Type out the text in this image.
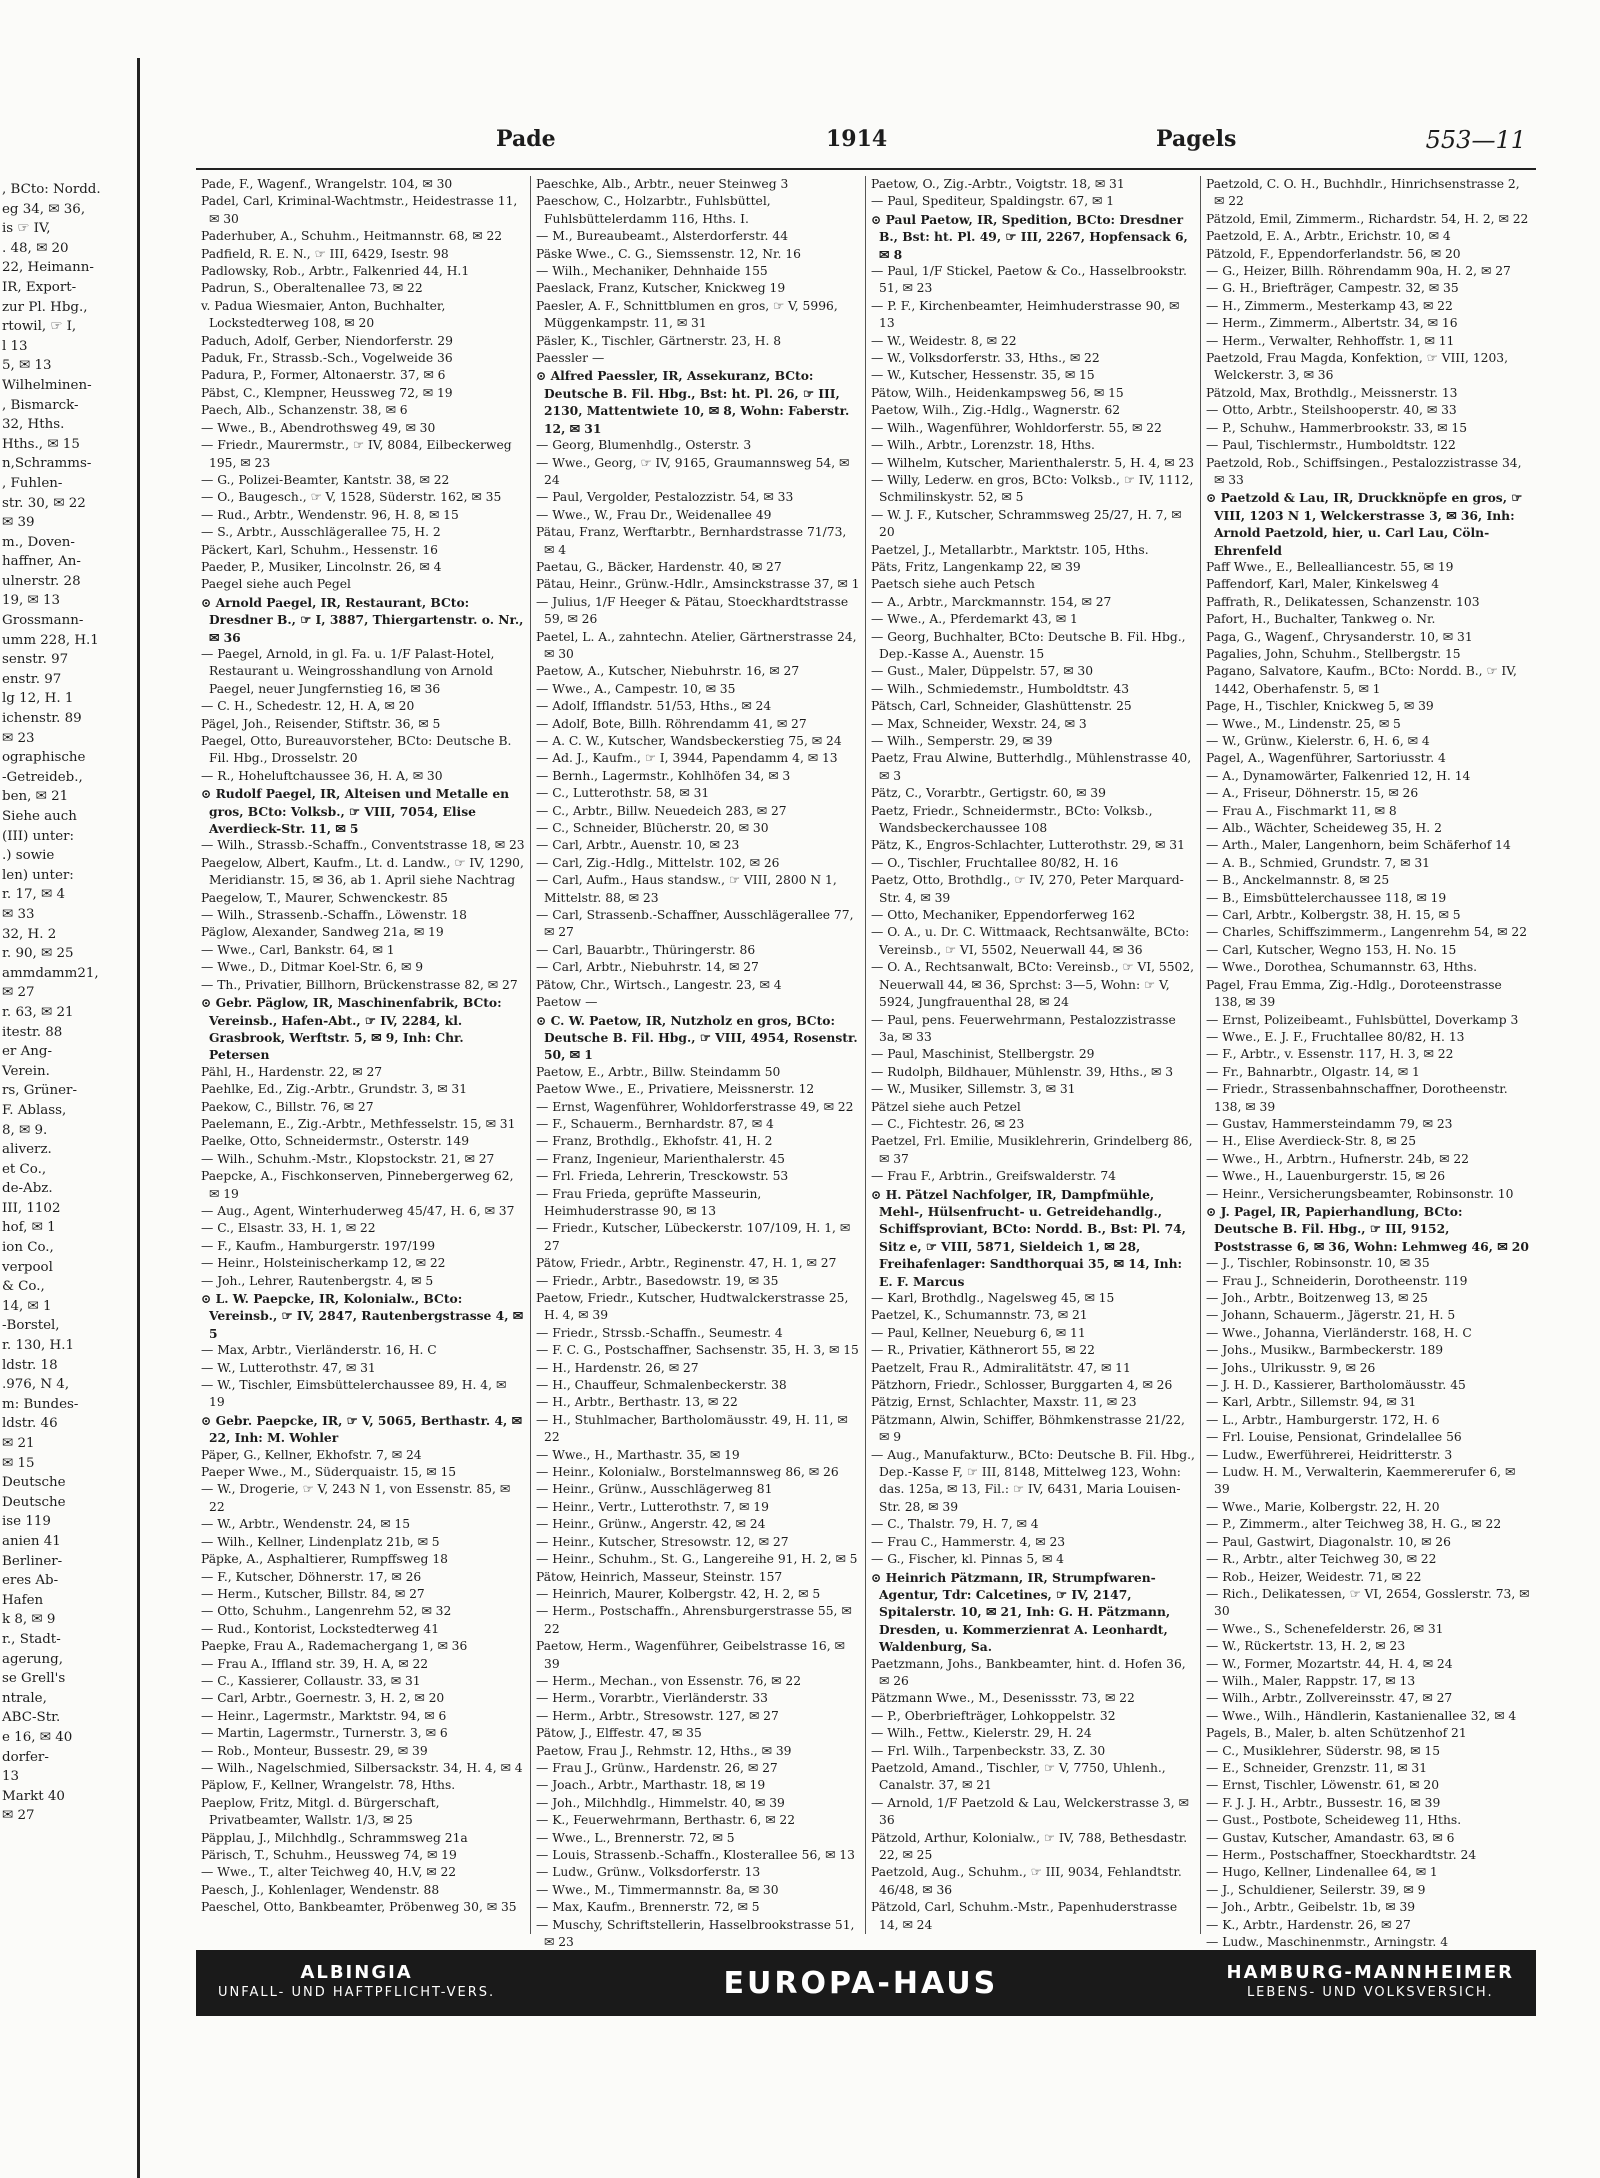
, BCto: Nordd.
eg 34, ✉ 36,
is ☞ IV,
. 48, ✉ 20
22, Heimann-
IR, Export-
zur Pl. Hbg.,
rtowil, ☞ I,
l 13
5, ✉ 13
Wilhelminen-
, Bismarck-
32, Hths.
Hths., ✉ 15
n,Schramms-
, Fuhlen-
str. 30, ✉ 22
✉ 39
m., Doven-
haffner, An-
ulnerstr. 28
19, ✉ 13
Grossmann-
umm 228, H.1
senstr. 97
enstr. 97
lg 12, H. 1
ichenstr. 89
✉ 23
ographische
-Getreideb.,
ben, ✉ 21
Siehe auch
(III) unter:
.) sowie
len) unter:
r. 17, ✉ 4
✉ 33
32, H. 2
r. 90, ✉ 25
ammdamm21,
✉ 27
r. 63, ✉ 21
itestr. 88
er Ang-
Verein.
rs, Grüner-
F. Ablass,
8, ✉ 9.
aliverz.
et Co.,
de-Abz.
III, 1102
hof, ✉ 1
ion Co.,
verpool
& Co.,
14, ✉ 1
-Borstel,
r. 130, H.1
ldstr. 18
.976, N 4,
m: Bundes-
ldstr. 46
✉ 21
✉ 15
Deutsche
Deutsche
ise 119
anien 41
Berliner-
eres Ab-
Hafen
k 8, ✉ 9
r., Stadt-
agerung,
se Grell's
ntrale,
ABC-Str.
e 16, ✉ 40
dorfer-
13
Markt 40
✉ 27
Pade	1914	Pagels	553—11

Pade, F., Wagenf., Wrangelstr. 104, ✉ 30

Padel, Carl, Kriminal-Wachtmstr., Heidestrasse 11, ✉ 30

Paderhuber, A., Schuhm., Heitmannstr. 68, ✉ 22

Padfield, R. E. N., ☞ III, 6429, Isestr. 98

Padlowsky, Rob., Arbtr., Falkenried 44, H.1

Padrun, S., Oberaltenallee 73, ✉ 22

v. Padua Wiesmaier, Anton, Buchhalter, Lockstedterweg 108, ✉ 20

Paduch, Adolf, Gerber, Niendorferstr. 29

Paduk, Fr., Strassb.-Sch., Vogelweide 36

Padura, P., Former, Altonaerstr. 37, ✉ 6

Päbst, C., Klempner, Heussweg 72, ✉ 19

Paech, Alb., Schanzenstr. 38, ✉ 6

— Wwe., B., Abendrothsweg 49, ✉ 30

— Friedr., Maurermstr., ☞ IV, 8084, Eilbeckerweg 195, ✉ 23

— G., Polizei-Beamter, Kantstr. 38, ✉ 22

— O., Baugesch., ☞ V, 1528, Süderstr. 162, ✉ 35

— Rud., Arbtr., Wendenstr. 96, H. 8, ✉ 15

— S., Arbtr., Ausschlägerallee 75, H. 2

Päckert, Karl, Schuhm., Hessenstr. 16

Paeder, P., Musiker, Lincolnstr. 26, ✉ 4

Paegel siehe auch Pegel

⊙ Arnold Paegel, IR, Restaurant, BCto: Dresdner B., ☞ I, 3887, Thiergartenstr. o. Nr., ✉ 36

— Paegel, Arnold, in gl. Fa. u. 1/F Palast-Hotel, Restaurant u. Weingrosshandlung von Arnold Paegel, neuer Jungfernstieg 16, ✉ 36

— C. H., Schedestr. 12, H. A, ✉ 20

Pägel, Joh., Reisender, Stiftstr. 36, ✉ 5

Paegel, Otto, Bureauvorsteher, BCto: Deutsche B. Fil. Hbg., Drosselstr. 20

— R., Hoheluftchaussee 36, H. A, ✉ 30

⊙ Rudolf Paegel, IR, Alteisen und Metalle en gros, BCto: Volksb., ☞ VIII, 7054, Elise Averdieck-Str. 11, ✉ 5

— Wilh., Strassb.-Schaffn., Conventstrasse 18, ✉ 23

Paegelow, Albert, Kaufm., Lt. d. Landw., ☞ IV, 1290, Meridianstr. 15, ✉ 36, ab 1. April siehe Nachtrag

Paegelow, T., Maurer, Schwenckestr. 85

— Wilh., Strassenb.-Schaffn., Löwenstr. 18

Päglow, Alexander, Sandweg 21a, ✉ 19

— Wwe., Carl, Bankstr. 64, ✉ 1

— Wwe., D., Ditmar Koel-Str. 6, ✉ 9

— Th., Privatier, Billhorn, Brückenstrasse 82, ✉ 27

⊙ Gebr. Päglow, IR, Maschinenfabrik, BCto: Vereinsb., Hafen-Abt., ☞ IV, 2284, kl. Grasbrook, Werftstr. 5, ✉ 9, Inh: Chr. Petersen

Pähl, H., Hardenstr. 22, ✉ 27

Paehlke, Ed., Zig.-Arbtr., Grundstr. 3, ✉ 31

Paekow, C., Billstr. 76, ✉ 27

Paelemann, E., Zig.-Arbtr., Methfesselstr. 15, ✉ 31

Paelke, Otto, Schneidermstr., Osterstr. 149

— Wilh., Schuhm.-Mstr., Klopstockstr. 21, ✉ 27

Paepcke, A., Fischkonserven, Pinnebergerweg 62, ✉ 19

— Aug., Agent, Winterhuderweg 45/47, H. 6, ✉ 37

— C., Elsastr. 33, H. 1, ✉ 22

— F., Kaufm., Hamburgerstr. 197/199

— Heinr., Holsteinischerkamp 12, ✉ 22

— Joh., Lehrer, Rautenbergstr. 4, ✉ 5

⊙ L. W. Paepcke, IR, Kolonialw., BCto: Vereinsb., ☞ IV, 2847, Rautenbergstrasse 4, ✉ 5

— Max, Arbtr., Vierländerstr. 16, H. C

— W., Lutterothstr. 47, ✉ 31

— W., Tischler, Eimsbüttelerchaussee 89, H. 4, ✉ 19

⊙ Gebr. Paepcke, IR, ☞ V, 5065, Berthastr. 4, ✉ 22, Inh: M. Wohler

Päper, G., Kellner, Ekhofstr. 7, ✉ 24

Paeper Wwe., M., Süderquaistr. 15, ✉ 15

— W., Drogerie, ☞ V, 243 N 1, von Essenstr. 85, ✉ 22

— W., Arbtr., Wendenstr. 24, ✉ 15

— Wilh., Kellner, Lindenplatz 21b, ✉ 5

Päpke, A., Asphaltierer, Rumpffsweg 18

— F., Kutscher, Döhnerstr. 17, ✉ 26

— Herm., Kutscher, Billstr. 84, ✉ 27

— Otto, Schuhm., Langenrehm 52, ✉ 32

— Rud., Kontorist, Lockstedterweg 41

Paepke, Frau A., Rademachergang 1, ✉ 36

— Frau A., Iffland str. 39, H. A, ✉ 22

— C., Kassierer, Collaustr. 33, ✉ 31

— Carl, Arbtr., Goernestr. 3, H. 2, ✉ 20

— Heinr., Lagermstr., Marktstr. 94, ✉ 6

— Martin, Lagermstr., Turnerstr. 3, ✉ 6

— Rob., Monteur, Bussestr. 29, ✉ 39

— Wilh., Nagelschmied, Silbersackstr. 34, H. 4, ✉ 4

Päplow, F., Kellner, Wrangelstr. 78, Hths.

Paeplow, Fritz, Mitgl. d. Bürgerschaft, Privatbeamter, Wallstr. 1/3, ✉ 25

Päpplau, J., Milchhdlg., Schrammsweg 21a

Pärisch, T., Schuhm., Heussweg 74, ✉ 19

— Wwe., T., alter Teichweg 40, H.V, ✉ 22

Paesch, J., Kohlenlager, Wendenstr. 88

Paeschel, Otto, Bankbeamter, Pröbenweg 30, ✉ 35

Paeschke, Alb., Arbtr., neuer Steinweg 3

Paeschow, C., Holzarbtr., Fuhlsbüttel, Fuhlsbüttelerdamm 116, Hths. I.

— M., Bureaubeamt., Alsterdorferstr. 44

Päske Wwe., C. G., Siemssenstr. 12, Nr. 16

— Wilh., Mechaniker, Dehnhaide 155

Paeslack, Franz, Kutscher, Knickweg 19

Paesler, A. F., Schnittblumen en gros, ☞ V, 5996, Müggenkampstr. 11, ✉ 31

Päsler, K., Tischler, Gärtnerstr. 23, H. 8

Paessler —

⊙ Alfred Paessler, IR, Assekuranz, BCto: Deutsche B. Fil. Hbg., Bst: ht. Pl. 26, ☞ III, 2130, Mattentwiete 10, ✉ 8, Wohn: Faberstr. 12, ✉ 31

— Georg, Blumenhdlg., Osterstr. 3

— Wwe., Georg, ☞ IV, 9165, Graumannsweg 54, ✉ 24

— Paul, Vergolder, Pestalozzistr. 54, ✉ 33

— Wwe., W., Frau Dr., Weidenallee 49

Pätau, Franz, Werftarbtr., Bernhardstrasse 71/73, ✉ 4

Paetau, G., Bäcker, Hardenstr. 40, ✉ 27

Pätau, Heinr., Grünw.-Hdlr., Amsinckstrasse 37, ✉ 1

— Julius, 1/F Heeger & Pätau, Stoeckhardtstrasse 59, ✉ 26

Paetel, L. A., zahntechn. Atelier, Gärtnerstrasse 24, ✉ 30

Paetow, A., Kutscher, Niebuhrstr. 16, ✉ 27

— Wwe., A., Campestr. 10, ✉ 35

— Adolf, Ifflandstr. 51/53, Hths., ✉ 24

— Adolf, Bote, Billh. Röhrendamm 41, ✉ 27

— A. C. W., Kutscher, Wandsbeckerstieg 75, ✉ 24

— Ad. J., Kaufm., ☞ I, 3944, Papendamm 4, ✉ 13

— Bernh., Lagermstr., Kohlhöfen 34, ✉ 3

— C., Lutterothstr. 58, ✉ 31

— C., Arbtr., Billw. Neuedeich 283, ✉ 27

— C., Schneider, Blücherstr. 20, ✉ 30

— Carl, Arbtr., Auenstr. 10, ✉ 23

— Carl, Zig.-Hdlg., Mittelstr. 102, ✉ 26

— Carl, Aufm., Haus standsw., ☞ VIII, 2800 N 1, Mittelstr. 88, ✉ 23

— Carl, Strassenb.-Schaffner, Ausschlägerallee 77, ✉ 27

— Carl, Bauarbtr., Thüringerstr. 86

— Carl, Arbtr., Niebuhrstr. 14, ✉ 27

Pätow, Chr., Wirtsch., Langestr. 23, ✉ 4

Paetow —

⊙ C. W. Paetow, IR, Nutzholz en gros, BCto: Deutsche B. Fil. Hbg., ☞ VIII, 4954, Rosenstr. 50, ✉ 1

Paetow, E., Arbtr., Billw. Steindamm 50

Paetow Wwe., E., Privatiere, Meissnerstr. 12

— Ernst, Wagenführer, Wohldorferstrasse 49, ✉ 22

— F., Schauerm., Bernhardstr. 87, ✉ 4

— Franz, Brothdlg., Ekhofstr. 41, H. 2

— Franz, Ingenieur, Marienthalerstr. 45

— Frl. Frieda, Lehrerin, Tresckowstr. 53

— Frau Frieda, geprüfte Masseurin, Heimhuderstrasse 90, ✉ 13

— Friedr., Kutscher, Lübeckerstr. 107/109, H. 1, ✉ 27

Pätow, Friedr., Arbtr., Reginenstr. 47, H. 1, ✉ 27

— Friedr., Arbtr., Basedowstr. 19, ✉ 35

Paetow, Friedr., Kutscher, Hudtwalckerstrasse 25, H. 4, ✉ 39

— Friedr., Strssb.-Schaffn., Seumestr. 4

— F. C. G., Postschaffner, Sachsenstr. 35, H. 3, ✉ 15

— H., Hardenstr. 26, ✉ 27

— H., Chauffeur, Schmalenbeckerstr. 38

— H., Arbtr., Berthastr. 13, ✉ 22

— H., Stuhlmacher, Bartholomäusstr. 49, H. 11, ✉ 22

— Wwe., H., Marthastr. 35, ✉ 19

— Heinr., Kolonialw., Borstelmannsweg 86, ✉ 26

— Heinr., Grünw., Ausschlägerweg 81

— Heinr., Vertr., Lutterothstr. 7, ✉ 19

— Heinr., Grünw., Angerstr. 42, ✉ 24

— Heinr., Kutscher, Stresowstr. 12, ✉ 27

— Heinr., Schuhm., St. G., Langereihe 91, H. 2, ✉ 5

Pätow, Heinrich, Masseur, Steinstr. 157

— Heinrich, Maurer, Kolbergstr. 42, H. 2, ✉ 5

— Herm., Postschaffn., Ahrensburgerstrasse 55, ✉ 22

Paetow, Herm., Wagenführer, Geibelstrasse 16, ✉ 39

— Herm., Mechan., von Essenstr. 76, ✉ 22

— Herm., Vorarbtr., Vierländerstr. 33

— Herm., Arbtr., Stresowstr. 127, ✉ 27

Pätow, J., Elffestr. 47, ✉ 35

Paetow, Frau J., Rehmstr. 12, Hths., ✉ 39

— Frau J., Grünw., Hardenstr. 26, ✉ 27

— Joach., Arbtr., Marthastr. 18, ✉ 19

— Joh., Milchhdlg., Himmelstr. 40, ✉ 39

— K., Feuerwehrmann, Berthastr. 6, ✉ 22

— Wwe., L., Brennerstr. 72, ✉ 5

— Louis, Strassenb.-Schaffn., Klosterallee 56, ✉ 13

— Ludw., Grünw., Volksdorferstr. 13

— Wwe., M., Timmermannstr. 8a, ✉ 30

— Max, Kaufm., Brennerstr. 72, ✉ 5

— Muschy, Schriftstellerin, Hasselbrookstrasse 51, ✉ 23

Paetow, O., Zig.-Arbtr., Voigtstr. 18, ✉ 31

— Paul, Spediteur, Spaldingstr. 67, ✉ 1

⊙ Paul Paetow, IR, Spedition, BCto: Dresdner B., Bst: ht. Pl. 49, ☞ III, 2267, Hopfensack 6, ✉ 8

— Paul, 1/F Stickel, Paetow & Co., Hasselbrookstr. 51, ✉ 23

— P. F., Kirchenbeamter, Heimhuderstrasse 90, ✉ 13

— W., Weidestr. 8, ✉ 22

— W., Volksdorferstr. 33, Hths., ✉ 22

— W., Kutscher, Hessenstr. 35, ✉ 15

Pätow, Wilh., Heidenkampsweg 56, ✉ 15

Paetow, Wilh., Zig.-Hdlg., Wagnerstr. 62

— Wilh., Wagenführer, Wohldorferstr. 55, ✉ 22

— Wilh., Arbtr., Lorenzstr. 18, Hths.

— Wilhelm, Kutscher, Marienthalerstr. 5, H. 4, ✉ 23

— Willy, Lederw. en gros, BCto: Volksb., ☞ IV, 1112, Schmilinskystr. 52, ✉ 5

— W. J. F., Kutscher, Schrammsweg 25/27, H. 7, ✉ 20

Paetzel, J., Metallarbtr., Marktstr. 105, Hths.

Päts, Fritz, Langenkamp 22, ✉ 39

Paetsch siehe auch Petsch

— A., Arbtr., Marckmannstr. 154, ✉ 27

— Wwe., A., Pferdemarkt 43, ✉ 1

— Georg, Buchhalter, BCto: Deutsche B. Fil. Hbg., Dep.-Kasse A., Auenstr. 15

— Gust., Maler, Düppelstr. 57, ✉ 30

— Wilh., Schmiedemstr., Humboldtstr. 43

Pätsch, Carl, Schneider, Glashüttenstr. 25

— Max, Schneider, Wexstr. 24, ✉ 3

— Wilh., Semperstr. 29, ✉ 39

Paetz, Frau Alwine, Butterhdlg., Mühlenstrasse 40, ✉ 3

Pätz, C., Vorarbtr., Gertigstr. 60, ✉ 39

Paetz, Friedr., Schneidermstr., BCto: Volksb., Wandsbeckerchaussee 108

Pätz, K., Engros-Schlachter, Lutterothstr. 29, ✉ 31

— O., Tischler, Fruchtallee 80/82, H. 16

Paetz, Otto, Brothdlg., ☞ IV, 270, Peter Marquard-Str. 4, ✉ 39

— Otto, Mechaniker, Eppendorferweg 162

— O. A., u. Dr. C. Wittmaack, Rechtsanwälte, BCto: Vereinsb., ☞ VI, 5502, Neuerwall 44, ✉ 36

— O. A., Rechtsanwalt, BCto: Vereinsb., ☞ VI, 5502, Neuerwall 44, ✉ 36, Sprchst: 3—5, Wohn: ☞ V, 5924, Jungfrauenthal 28, ✉ 24

— Paul, pens. Feuerwehrmann, Pestalozzistrasse 3a, ✉ 33

— Paul, Maschinist, Stellbergstr. 29

— Rudolph, Bildhauer, Mühlenstr. 39, Hths., ✉ 3

— W., Musiker, Sillemstr. 3, ✉ 31

Pätzel siehe auch Petzel

— C., Fichtestr. 26, ✉ 23

Paetzel, Frl. Emilie, Musiklehrerin, Grindelberg 86, ✉ 37

— Frau F., Arbtrin., Greifswalderstr. 74

⊙ H. Pätzel Nachfolger, IR, Dampfmühle, Mehl-, Hülsenfrucht- u. Getreidehandlg., Schiffsproviant, BCto: Nordd. B., Bst: Pl. 74, Sitz e, ☞ VIII, 5871, Sieldeich 1, ✉ 28, Freihafenlager: Sandthorquai 35, ✉ 14, Inh: E. F. Marcus

— Karl, Brothdlg., Nagelsweg 45, ✉ 15

Paetzel, K., Schumannstr. 73, ✉ 21

— Paul, Kellner, Neueburg 6, ✉ 11

— R., Privatier, Käthnerort 55, ✉ 22

Paetzelt, Frau R., Admiralitätstr. 47, ✉ 11

Pätzhorn, Friedr., Schlosser, Burggarten 4, ✉ 26

Pätzig, Ernst, Schlachter, Maxstr. 11, ✉ 23

Pätzmann, Alwin, Schiffer, Böhmkenstrasse 21/22, ✉ 9

— Aug., Manufakturw., BCto: Deutsche B. Fil. Hbg., Dep.-Kasse F, ☞ III, 8148, Mittelweg 123, Wohn: das. 125a, ✉ 13, Fil.: ☞ IV, 6431, Maria Louisen-Str. 28, ✉ 39

— C., Thalstr. 79, H. 7, ✉ 4

— Frau C., Hammerstr. 4, ✉ 23

— G., Fischer, kl. Pinnas 5, ✉ 4

⊙ Heinrich Pätzmann, IR, Strumpfwaren-Agentur, Tdr: Calcetines, ☞ IV, 2147, Spitalerstr. 10, ✉ 21, Inh: G. H. Pätzmann, Dresden, u. Kommerzienrat A. Leonhardt, Waldenburg, Sa.

Paetzmann, Johs., Bankbeamter, hint. d. Hofen 36, ✉ 26

Pätzmann Wwe., M., Desenissstr. 73, ✉ 22

— P., Oberbriefträger, Lohkoppelstr. 32

— Wilh., Fettw., Kielerstr. 29, H. 24

— Frl. Wilh., Tarpenbeckstr. 33, Z. 30

Paetzold, Amand., Tischler, ☞ V, 7750, Uhlenh., Canalstr. 37, ✉ 21

— Arnold, 1/F Paetzold & Lau, Welckerstrasse 3, ✉ 36

Pätzold, Arthur, Kolonialw., ☞ IV, 788, Bethesdastr. 22, ✉ 25

Paetzold, Aug., Schuhm., ☞ III, 9034, Fehlandtstr. 46/48, ✉ 36

Pätzold, Carl, Schuhm.-Mstr., Papenhuderstrasse 14, ✉ 24

Paetzold, C. O. H., Buchhdlr., Hinrichsenstrasse 2, ✉ 22

Pätzold, Emil, Zimmerm., Richardstr. 54, H. 2, ✉ 22

Paetzold, E. A., Arbtr., Erichstr. 10, ✉ 4

Pätzold, F., Eppendorferlandstr. 56, ✉ 20

— G., Heizer, Billh. Röhrendamm 90a, H. 2, ✉ 27

— G. H., Briefträger, Campestr. 32, ✉ 35

— H., Zimmerm., Mesterkamp 43, ✉ 22

— Herm., Zimmerm., Albertstr. 34, ✉ 16

— Herm., Verwalter, Rehhoffstr. 1, ✉ 11

Paetzold, Frau Magda, Konfektion, ☞ VIII, 1203, Welckerstr. 3, ✉ 36

Pätzold, Max, Brothdlg., Meissnerstr. 13

— Otto, Arbtr., Steilshooperstr. 40, ✉ 33

— P., Schuhw., Hammerbrookstr. 33, ✉ 15

— Paul, Tischlermstr., Humboldtstr. 122

Paetzold, Rob., Schiffsingen., Pestalozzistrasse 34, ✉ 33

⊙ Paetzold & Lau, IR, Druckknöpfe en gros, ☞ VIII, 1203 N 1, Welckerstrasse 3, ✉ 36, Inh: Arnold Paetzold, hier, u. Carl Lau, Cöln-Ehrenfeld

Paff Wwe., E., Bellealliancestr. 55, ✉ 19

Paffendorf, Karl, Maler, Kinkelsweg 4

Paffrath, R., Delikatessen, Schanzenstr. 103

Pafort, H., Buchalter, Tankweg o. Nr.

Paga, G., Wagenf., Chrysanderstr. 10, ✉ 31

Pagalies, John, Schuhm., Stellbergstr. 15

Pagano, Salvatore, Kaufm., BCto: Nordd. B., ☞ IV, 1442, Oberhafenstr. 5, ✉ 1

Page, H., Tischler, Knickweg 5, ✉ 39

— Wwe., M., Lindenstr. 25, ✉ 5

— W., Grünw., Kielerstr. 6, H. 6, ✉ 4

Pagel, A., Wagenführer, Sartoriusstr. 4

— A., Dynamowärter, Falkenried 12, H. 14

— A., Friseur, Döhnerstr. 15, ✉ 26

— Frau A., Fischmarkt 11, ✉ 8

— Alb., Wächter, Scheideweg 35, H. 2

— Arth., Maler, Langenhorn, beim Schäferhof 14

— A. B., Schmied, Grundstr. 7, ✉ 31

— B., Anckelmannstr. 8, ✉ 25

— B., Eimsbüttelerchaussee 118, ✉ 19

— Carl, Arbtr., Kolbergstr. 38, H. 15, ✉ 5

— Charles, Schiffszimmerm., Langenrehm 54, ✉ 22

— Carl, Kutscher, Wegno 153, H. No. 15

— Wwe., Dorothea, Schumannstr. 63, Hths.

Pagel, Frau Emma, Zig.-Hdlg., Doroteenstrasse 138, ✉ 39

— Ernst, Polizeibeamt., Fuhlsbüttel, Doverkamp 3

— Wwe., E. J. F., Fruchtallee 80/82, H. 13

— F., Arbtr., v. Essenstr. 117, H. 3, ✉ 22

— Fr., Bahnarbtr., Olgastr. 14, ✉ 1

— Friedr., Strassenbahnschaffner, Dorotheenstr. 138, ✉ 39

— Gustav, Hammersteindamm 79, ✉ 23

— H., Elise Averdieck-Str. 8, ✉ 25

— Wwe., H., Arbtrn., Hufnerstr. 24b, ✉ 22

— Wwe., H., Lauenburgerstr. 15, ✉ 26

— Heinr., Versicherungsbeamter, Robinsonstr. 10

⊙ J. Pagel, IR, Papierhandlung, BCto: Deutsche B. Fil. Hbg., ☞ III, 9152, Poststrasse 6, ✉ 36, Wohn: Lehmweg 46, ✉ 20

— J., Tischler, Robinsonstr. 10, ✉ 35

— Frau J., Schneiderin, Dorotheenstr. 119

— Joh., Arbtr., Boitzenweg 13, ✉ 25

— Johann, Schauerm., Jägerstr. 21, H. 5

— Wwe., Johanna, Vierländerstr. 168, H. C

— Johs., Musikw., Barmbeckerstr. 189

— Johs., Ulrikusstr. 9, ✉ 26

— J. H. D., Kassierer, Bartholomäusstr. 45

— Karl, Arbtr., Sillemstr. 94, ✉ 31

— L., Arbtr., Hamburgerstr. 172, H. 6

— Frl. Louise, Pensionat, Grindelallee 56

— Ludw., Ewerführerei, Heidritterstr. 3

— Ludw. H. M., Verwalterin, Kaemmererufer 6, ✉ 39

— Wwe., Marie, Kolbergstr. 22, H. 20

— P., Zimmerm., alter Teichweg 38, H. G., ✉ 22

— Paul, Gastwirt, Diagonalstr. 10, ✉ 26

— R., Arbtr., alter Teichweg 30, ✉ 22

— Rob., Heizer, Weidestr. 71, ✉ 22

— Rich., Delikatessen, ☞ VI, 2654, Gosslerstr. 73, ✉ 30

— Wwe., S., Schenefelderstr. 26, ✉ 31

— W., Rückertstr. 13, H. 2, ✉ 23

— W., Former, Mozartstr. 44, H. 4, ✉ 24

— Wilh., Maler, Rappstr. 17, ✉ 13

— Wilh., Arbtr., Zollvereinsstr. 47, ✉ 27

— Wwe., Wilh., Händlerin, Kastanienallee 32, ✉ 4

Pagels, B., Maler, b. alten Schützenhof 21

— C., Musiklehrer, Süderstr. 98, ✉ 15

— E., Schneider, Grenzstr. 11, ✉ 31

— Ernst, Tischler, Löwenstr. 61, ✉ 20

— F. J. J. H., Arbtr., Bussestr. 16, ✉ 39

— Gust., Postbote, Scheideweg 11, Hths.

— Gustav, Kutscher, Amandastr. 63, ✉ 6

— Herm., Postschaffner, Stoeckhardtstr. 24

— Hugo, Kellner, Lindenallee 64, ✉ 1

— J., Schuldiener, Seilerstr. 39, ✉ 9

— Joh., Arbtr., Geibelstr. 1b, ✉ 39

— K., Arbtr., Hardenstr. 26, ✉ 27

— Ludw., Maschinenmstr., Arningstr. 4

ALBINGIA
UNFALL- UND HAFTPFLICHT-VERS.	EUROPA-HAUS	HAMBURG-MANNHEIMER
LEBENS- UND VOLKSVERSICH.
